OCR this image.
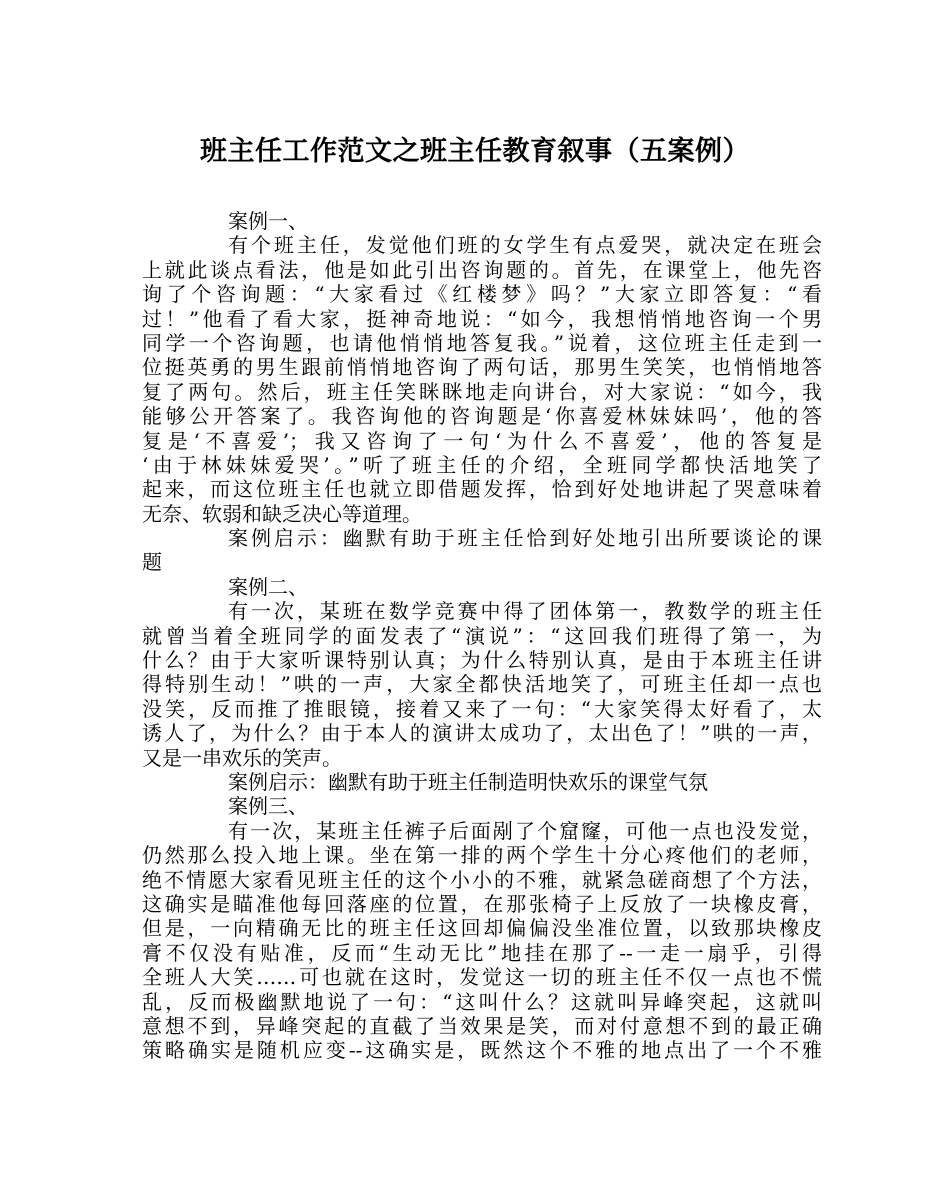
班主任工作范文之班主任教育叙事（五案例）
案例一、
有个班主任，发觉他们班的女学生有点爱哭，就决定在班会
上就此谈点看法，他是如此引出咨询题的。首先，在课堂上，他先咨
询了个咨询题：“大家看过《红楼梦》吗？”大家立即答复：“看
过！”他看了看大家，挺神奇地说：“如今，我想悄悄地咨询一个男
同学一个咨询题，也请他悄悄地答复我。”说着，这位班主任走到一
位挺英勇的男生跟前悄悄地咨询了两句话，那男生笑笑，也悄悄地答
复了两句。然后，班主任笑眯眯地走向讲台，对大家说：“如今，我
能够公开答案了。我咨询他的咨询题是‘你喜爱林妹妹吗’，他的答
复是‘不喜爱’；我又咨询了一句‘为什么不喜爱’，他的答复是
‘由于林妹妹爱哭’。”听了班主任的介绍，全班同学都快活地笑了
起来，而这位班主任也就立即借题发挥，恰到好处地讲起了哭意味着
无奈、软弱和缺乏决心等道理。
案例启示：幽默有助于班主任恰到好处地引出所要谈论的课
题
案例二、
有一次，某班在数学竞赛中得了团体第一，教数学的班主任
就曾当着全班同学的面发表了“演说”：“这回我们班得了第一，为
什么？由于大家听课特别认真；为什么特别认真，是由于本班主任讲
得特别生动！”哄的一声，大家全都快活地笑了，可班主任却一点也
没笑，反而推了推眼镜，接着又来了一句：“大家笑得太好看了，太
诱人了，为什么？由于本人的演讲太成功了，太出色了！”哄的一声，
又是一串欢乐的笑声。
案例启示：幽默有助于班主任制造明快欢乐的课堂气氛
案例三、
有一次，某班主任裤子后面剐了个窟窿，可他一点也没发觉，
仍然那么投入地上课。坐在第一排的两个学生十分心疼他们的老师，
绝不情愿大家看见班主任的这个小小的不雅，就紧急磋商想了个方法，
这确实是瞄准他每回落座的位置，在那张椅子上反放了一块橡皮膏，
但是，一向精确无比的班主任这回却偏偏没坐准位置，以致那块橡皮
膏不仅没有贴准，反而“生动无比”地挂在那了--一走一扇乎，引得
全班人大笑……可也就在这时，发觉这一切的班主任不仅一点也不慌
乱，反而极幽默地说了一句：“这叫什么？这就叫异峰突起，这就叫
意想不到，异峰突起的直截了当效果是笑，而对付意想不到的最正确
策略确实是随机应变--这确实是，既然这个不雅的地点出了一个不雅
